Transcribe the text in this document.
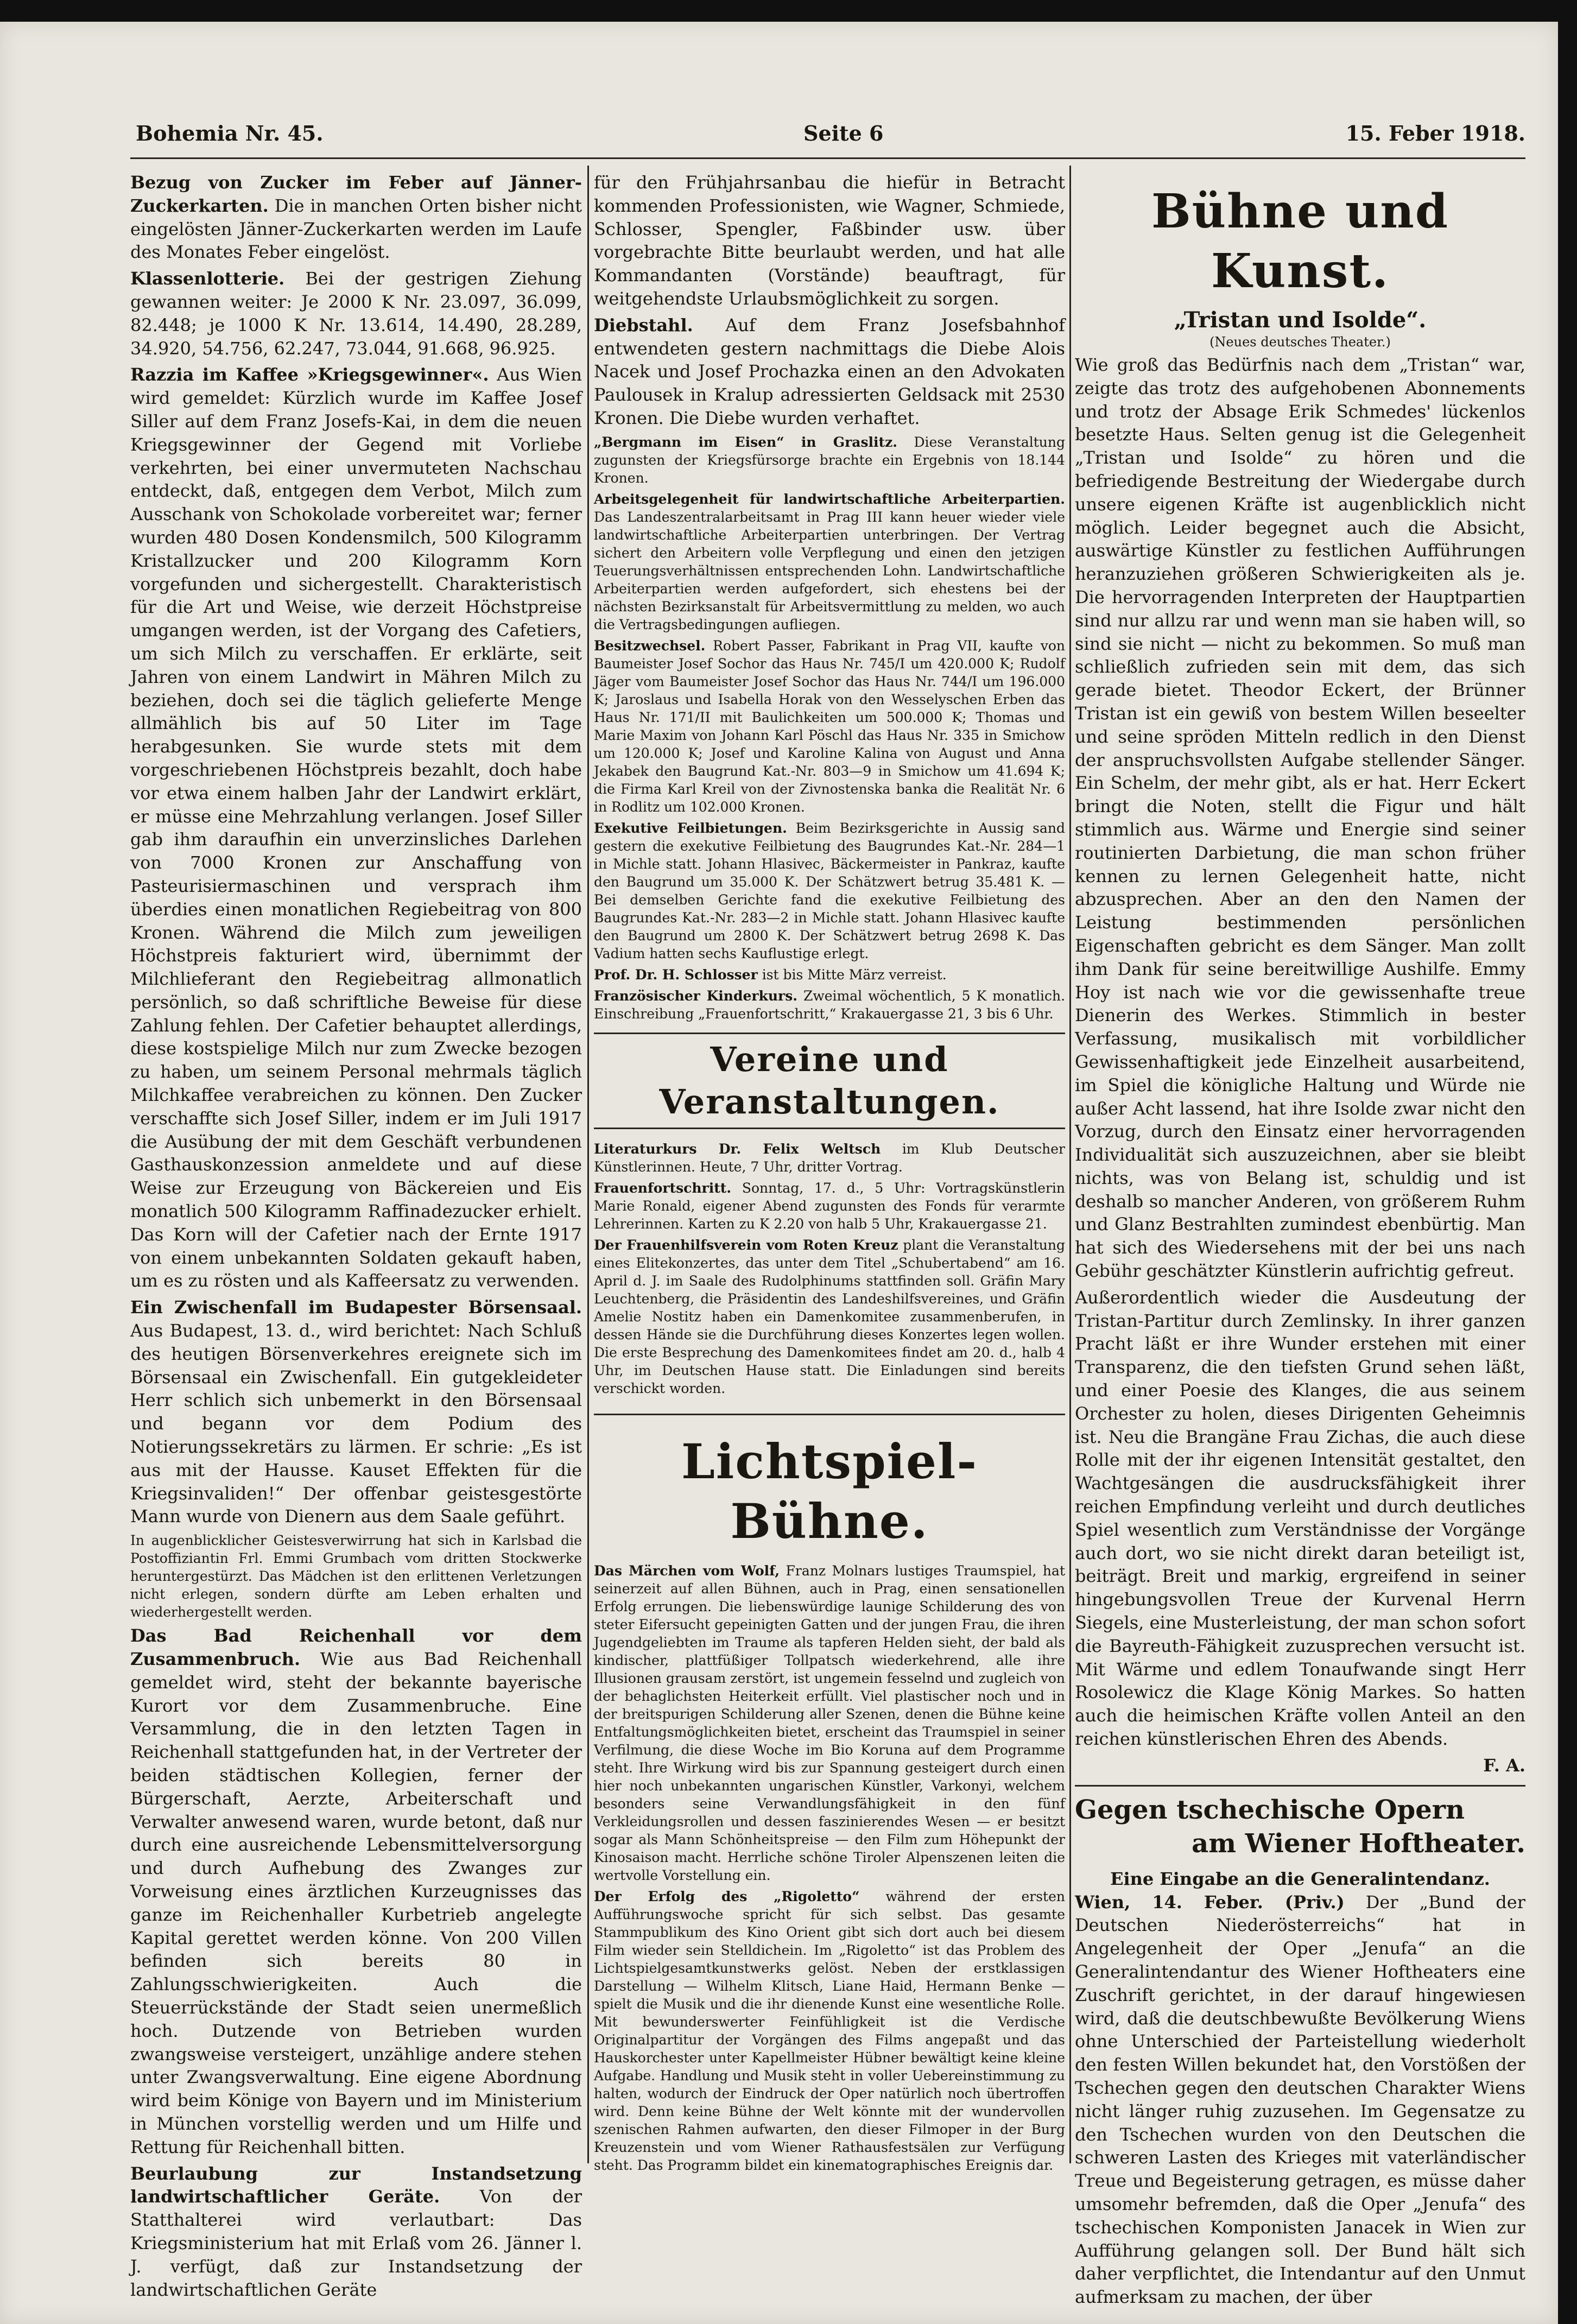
Bohemia Nr. 45.	Seite 6	15. Feber 1918.

Bezug von Zucker im Feber auf Jänner-Zuckerkarten. Die in manchen Orten bisher nicht eingelösten Jänner-Zuckerkarten werden im Laufe des Monates Feber eingelöst.

Klassenlotterie. Bei der gestrigen Ziehung gewannen weiter: Je 2000 K Nr. 23.097, 36.099, 82.448; je 1000 K Nr. 13.614, 14.490, 28.289, 34.920, 54.756, 62.247, 73.044, 91.668, 96.925.

Razzia im Kaffee »Kriegsgewinner«. Aus Wien wird gemeldet: Kürzlich wurde im Kaffee Josef Siller auf dem Franz Josefs-Kai, in dem die neuen Kriegsgewinner der Gegend mit Vorliebe verkehrten, bei einer unvermuteten Nachschau entdeckt, daß, entgegen dem Verbot, Milch zum Ausschank von Schokolade vorbereitet war; ferner wurden 480 Dosen Kondensmilch, 500 Kilogramm Kristallzucker und 200 Kilogramm Korn vorgefunden und sichergestellt. Charakteristisch für die Art und Weise, wie derzeit Höchstpreise umgangen werden, ist der Vorgang des Cafetiers, um sich Milch zu verschaffen. Er erklärte, seit Jahren von einem Landwirt in Mähren Milch zu beziehen, doch sei die täglich gelieferte Menge allmählich bis auf 50 Liter im Tage herabgesunken. Sie wurde stets mit dem vorgeschriebenen Höchstpreis bezahlt, doch habe vor etwa einem halben Jahr der Landwirt erklärt, er müsse eine Mehrzahlung verlangen. Josef Siller gab ihm daraufhin ein unverzinsliches Darlehen von 7000 Kronen zur Anschaffung von Pasteurisiermaschinen und versprach ihm überdies einen monatlichen Regiebeitrag von 800 Kronen. Während die Milch zum jeweiligen Höchstpreis fakturiert wird, übernimmt der Milchlieferant den Regiebeitrag allmonatlich persönlich, so daß schriftliche Beweise für diese Zahlung fehlen. Der Cafetier behauptet allerdings, diese kostspielige Milch nur zum Zwecke bezogen zu haben, um seinem Personal mehrmals täglich Milchkaffee verabreichen zu können. Den Zucker verschaffte sich Josef Siller, indem er im Juli 1917 die Ausübung der mit dem Geschäft verbundenen Gasthauskonzession anmeldete und auf diese Weise zur Erzeugung von Bäckereien und Eis monatlich 500 Kilogramm Raffinadezucker erhielt. Das Korn will der Cafetier nach der Ernte 1917 von einem unbekannten Soldaten gekauft haben, um es zu rösten und als Kaffeersatz zu verwenden.

Ein Zwischenfall im Budapester Börsensaal. Aus Budapest, 13. d., wird berichtet: Nach Schluß des heutigen Börsenverkehres ereignete sich im Börsensaal ein Zwischenfall. Ein gutgekleideter Herr schlich sich unbemerkt in den Börsensaal und begann vor dem Podium des Notierungssekretärs zu lärmen. Er schrie: „Es ist aus mit der Hausse. Kauset Effekten für die Kriegsinvaliden!“ Der offenbar geistesgestörte Mann wurde von Dienern aus dem Saale geführt.

In augenblicklicher Geistesverwirrung hat sich in Karlsbad die Postoffiziantin Frl. Emmi Grumbach vom dritten Stockwerke heruntergestürzt. Das Mädchen ist den erlittenen Verletzungen nicht erlegen, sondern dürfte am Leben erhalten und wiederhergestellt werden.

Das Bad Reichenhall vor dem Zusammenbruch. Wie aus Bad Reichenhall gemeldet wird, steht der bekannte bayerische Kurort vor dem Zusammenbruche. Eine Versammlung, die in den letzten Tagen in Reichenhall stattgefunden hat, in der Vertreter der beiden städtischen Kollegien, ferner der Bürgerschaft, Aerzte, Arbeiterschaft und Verwalter anwesend waren, wurde betont, daß nur durch eine ausreichende Lebensmittelversorgung und durch Aufhebung des Zwanges zur Vorweisung eines ärztlichen Kurzeugnisses das ganze im Reichenhaller Kurbetrieb angelegte Kapital gerettet werden könne. Von 200 Villen befinden sich bereits 80 in Zahlungsschwierigkeiten. Auch die Steuerrückstände der Stadt seien unermeßlich hoch. Dutzende von Betrieben wurden zwangsweise versteigert, unzählige andere stehen unter Zwangsverwaltung. Eine eigene Abordnung wird beim Könige von Bayern und im Ministerium in München vorstellig werden und um Hilfe und Rettung für Reichenhall bitten.

Beurlaubung zur Instandsetzung landwirtschaftlicher Geräte. Von der Statthalterei wird verlautbart: Das Kriegsministerium hat mit Erlaß vom 26. Jänner l. J. verfügt, daß zur Instandsetzung der landwirtschaftlichen Geräte

für den Frühjahrsanbau die hiefür in Betracht kommenden Professionisten, wie Wagner, Schmiede, Schlosser, Spengler, Faßbinder usw. über vorgebrachte Bitte beurlaubt werden, und hat alle Kommandanten (Vorstände) beauftragt, für weitgehendste Urlaubsmöglichkeit zu sorgen.

Diebstahl. Auf dem Franz Josefsbahnhof entwendeten gestern nachmittags die Diebe Alois Nacek und Josef Prochazka einen an den Advokaten Paulousek in Kralup adressierten Geldsack mit 2530 Kronen. Die Diebe wurden verhaftet.

„Bergmann im Eisen“ in Graslitz. Diese Veranstaltung zugunsten der Kriegsfürsorge brachte ein Ergebnis von 18.144 Kronen.

Arbeitsgelegenheit für landwirtschaftliche Arbeiterpartien. Das Landeszentralarbeitsamt in Prag III kann heuer wieder viele landwirtschaftliche Arbeiterpartien unterbringen. Der Vertrag sichert den Arbeitern volle Verpflegung und einen den jetzigen Teuerungsverhältnissen entsprechenden Lohn. Landwirtschaftliche Arbeiterpartien werden aufgefordert, sich ehestens bei der nächsten Bezirksanstalt für Arbeitsvermittlung zu melden, wo auch die Vertragsbedingungen aufliegen.

Besitzwechsel. Robert Passer, Fabrikant in Prag VII, kaufte von Baumeister Josef Sochor das Haus Nr. 745/I um 420.000 K; Rudolf Jäger vom Baumeister Josef Sochor das Haus Nr. 744/I um 196.000 K; Jaroslaus und Isabella Horak von den Wesselyschen Erben das Haus Nr. 171/II mit Baulichkeiten um 500.000 K; Thomas und Marie Maxim von Johann Karl Pöschl das Haus Nr. 335 in Smichow um 120.000 K; Josef und Karoline Kalina von August und Anna Jekabek den Baugrund Kat.-Nr. 803—9 in Smichow um 41.694 K; die Firma Karl Kreil von der Zivnostenska banka die Realität Nr. 6 in Rodlitz um 102.000 Kronen.

Exekutive Feilbietungen. Beim Bezirksgerichte in Aussig sand gestern die exekutive Feilbietung des Baugrundes Kat.-Nr. 284—1 in Michle statt. Johann Hlasivec, Bäckermeister in Pankraz, kaufte den Baugrund um 35.000 K. Der Schätzwert betrug 35.481 K. — Bei demselben Gerichte fand die exekutive Feilbietung des Baugrundes Kat.-Nr. 283—2 in Michle statt. Johann Hlasivec kaufte den Baugrund um 2800 K. Der Schätzwert betrug 2698 K. Das Vadium hatten sechs Kauflustige erlegt.

Prof. Dr. H. Schlosser ist bis Mitte März verreist.

Französischer Kinderkurs. Zweimal wöchentlich, 5 K monatlich. Einschreibung „Frauenfortschritt,“ Krakauergasse 21, 3 bis 6 Uhr.

Vereine und Veranstaltungen.

Literaturkurs Dr. Felix Weltsch im Klub Deutscher Künstlerinnen. Heute, 7 Uhr, dritter Vortrag.

Frauenfortschritt. Sonntag, 17. d., 5 Uhr: Vortragskünstlerin Marie Ronald, eigener Abend zugunsten des Fonds für verarmte Lehrerinnen. Karten zu K 2.20 von halb 5 Uhr, Krakauergasse 21.

Der Frauenhilfsverein vom Roten Kreuz plant die Veranstaltung eines Elitekonzertes, das unter dem Titel „Schubertabend“ am 16. April d. J. im Saale des Rudolphinums stattfinden soll. Gräfin Mary Leuchtenberg, die Präsidentin des Landeshilfsvereines, und Gräfin Amelie Nostitz haben ein Damenkomitee zusammenberufen, in dessen Hände sie die Durchführung dieses Konzertes legen wollen. Die erste Besprechung des Damenkomitees findet am 20. d., halb 4 Uhr, im Deutschen Hause statt. Die Einladungen sind bereits verschickt worden.

Lichtspiel-Bühne.

Das Märchen vom Wolf, Franz Molnars lustiges Traumspiel, hat seinerzeit auf allen Bühnen, auch in Prag, einen sensationellen Erfolg errungen. Die liebenswürdige launige Schilderung des von steter Eifersucht gepeinigten Gatten und der jungen Frau, die ihren Jugendgeliebten im Traume als tapferen Helden sieht, der bald als kindischer, plattfüßiger Tollpatsch wiederkehrend, alle ihre Illusionen grausam zerstört, ist ungemein fesselnd und zugleich von der behaglichsten Heiterkeit erfüllt. Viel plastischer noch und in der breitspurigen Schilderung aller Szenen, denen die Bühne keine Entfaltungsmöglichkeiten bietet, erscheint das Traumspiel in seiner Verfilmung, die diese Woche im Bio Koruna auf dem Programme steht. Ihre Wirkung wird bis zur Spannung gesteigert durch einen hier noch unbekannten ungarischen Künstler, Varkonyi, welchem besonders seine Verwandlungsfähigkeit in den fünf Verkleidungsrollen und dessen faszinierendes Wesen — er besitzt sogar als Mann Schönheitspreise — den Film zum Höhepunkt der Kinosaison macht. Herrliche schöne Tiroler Alpenszenen leiten die wertvolle Vorstellung ein.

Der Erfolg des „Rigoletto“ während der ersten Aufführungswoche spricht für sich selbst. Das gesamte Stammpublikum des Kino Orient gibt sich dort auch bei diesem Film wieder sein Stelldichein. Im „Rigoletto“ ist das Problem des Lichtspielgesamtkunstwerks gelöst. Neben der erstklassigen Darstellung — Wilhelm Klitsch, Liane Haid, Hermann Benke — spielt die Musik und die ihr dienende Kunst eine wesentliche Rolle. Mit bewunderswerter Feinfühligkeit ist die Verdische Originalpartitur der Vorgängen des Films angepaßt und das Hauskorchester unter Kapellmeister Hübner bewältigt keine kleine Aufgabe. Handlung und Musik steht in voller Uebereinstimmung zu halten, wodurch der Eindruck der Oper natürlich noch übertroffen wird. Denn keine Bühne der Welt könnte mit der wundervollen szenischen Rahmen aufwarten, den dieser Filmoper in der Burg Kreuzenstein und vom Wiener Rathausfestsälen zur Verfügung steht. Das Programm bildet ein kinematographisches Ereignis dar.

Bühne und Kunst.
„Tristan und Isolde“.
(Neues deutsches Theater.)

Wie groß das Bedürfnis nach dem „Tristan“ war, zeigte das trotz des aufgehobenen Abonnements und trotz der Absage Erik Schmedes' lückenlos besetzte Haus. Selten genug ist die Gelegenheit „Tristan und Isolde“ zu hören und die befriedigende Bestreitung der Wiedergabe durch unsere eigenen Kräfte ist augenblicklich nicht möglich. Leider begegnet auch die Absicht, auswärtige Künstler zu festlichen Aufführungen heranzuziehen größeren Schwierigkeiten als je. Die hervorragenden Interpreten der Hauptpartien sind nur allzu rar und wenn man sie haben will, so sind sie nicht — nicht zu bekommen. So muß man schließlich zufrieden sein mit dem, das sich gerade bietet. Theodor Eckert, der Brünner Tristan ist ein gewiß von bestem Willen beseelter und seine spröden Mitteln redlich in den Dienst der anspruchsvollsten Aufgabe stellender Sänger. Ein Schelm, der mehr gibt, als er hat. Herr Eckert bringt die Noten, stellt die Figur und hält stimmlich aus. Wärme und Energie sind seiner routinierten Darbietung, die man schon früher kennen zu lernen Gelegenheit hatte, nicht abzusprechen. Aber an den den Namen der Leistung bestimmenden persönlichen Eigenschaften gebricht es dem Sänger. Man zollt ihm Dank für seine bereitwillige Aushilfe. Emmy Hoy ist nach wie vor die gewissenhafte treue Dienerin des Werkes. Stimmlich in bester Verfassung, musikalisch mit vorbildlicher Gewissenhaftigkeit jede Einzelheit ausarbeitend, im Spiel die königliche Haltung und Würde nie außer Acht lassend, hat ihre Isolde zwar nicht den Vorzug, durch den Einsatz einer hervorragenden Individualität sich auszuzeichnen, aber sie bleibt nichts, was von Belang ist, schuldig und ist deshalb so mancher Anderen, von größerem Ruhm und Glanz Bestrahlten zumindest ebenbürtig. Man hat sich des Wiedersehens mit der bei uns nach Gebühr geschätzter Künstlerin aufrichtig gefreut.

Außerordentlich wieder die Ausdeutung der Tristan-Partitur durch Zemlinsky. In ihrer ganzen Pracht läßt er ihre Wunder erstehen mit einer Transparenz, die den tiefsten Grund sehen läßt, und einer Poesie des Klanges, die aus seinem Orchester zu holen, dieses Dirigenten Geheimnis ist. Neu die Brangäne Frau Zichas, die auch diese Rolle mit der ihr eigenen Intensität gestaltet, den Wachtgesängen die ausdrucksfähigkeit ihrer reichen Empfindung verleiht und durch deutliches Spiel wesentlich zum Verständnisse der Vorgänge auch dort, wo sie nicht direkt daran beteiligt ist, beiträgt. Breit und markig, ergreifend in seiner hingebungsvollen Treue der Kurvenal Herrn Siegels, eine Musterleistung, der man schon sofort die Bayreuth-Fähigkeit zuzusprechen versucht ist. Mit Wärme und edlem Tonaufwande singt Herr Rosolewicz die Klage König Markes. So hatten auch die heimischen Kräfte vollen Anteil an den reichen künstlerischen Ehren des Abends.

F. A.
Gegen tschechische Opern
am Wiener Hoftheater.
Eine Eingabe an die Generalintendanz.

Wien, 14. Feber. (Priv.) Der „Bund der Deutschen Niederösterreichs“ hat in Angelegenheit der Oper „Jenufa“ an die Generalintendantur des Wiener Hoftheaters eine Zuschrift gerichtet, in der darauf hingewiesen wird, daß die deutschbewußte Bevölkerung Wiens ohne Unterschied der Parteistellung wiederholt den festen Willen bekundet hat, den Vorstößen der Tschechen gegen den deutschen Charakter Wiens nicht länger ruhig zuzusehen. Im Gegensatze zu den Tschechen wurden von den Deutschen die schweren Lasten des Krieges mit vaterländischer Treue und Begeisterung getragen, es müsse daher umsomehr befremden, daß die Oper „Jenufa“ des tschechischen Komponisten Janacek in Wien zur Aufführung gelangen soll. Der Bund hält sich daher verpflichtet, die Intendantur auf den Unmut aufmerksam zu machen, der über
